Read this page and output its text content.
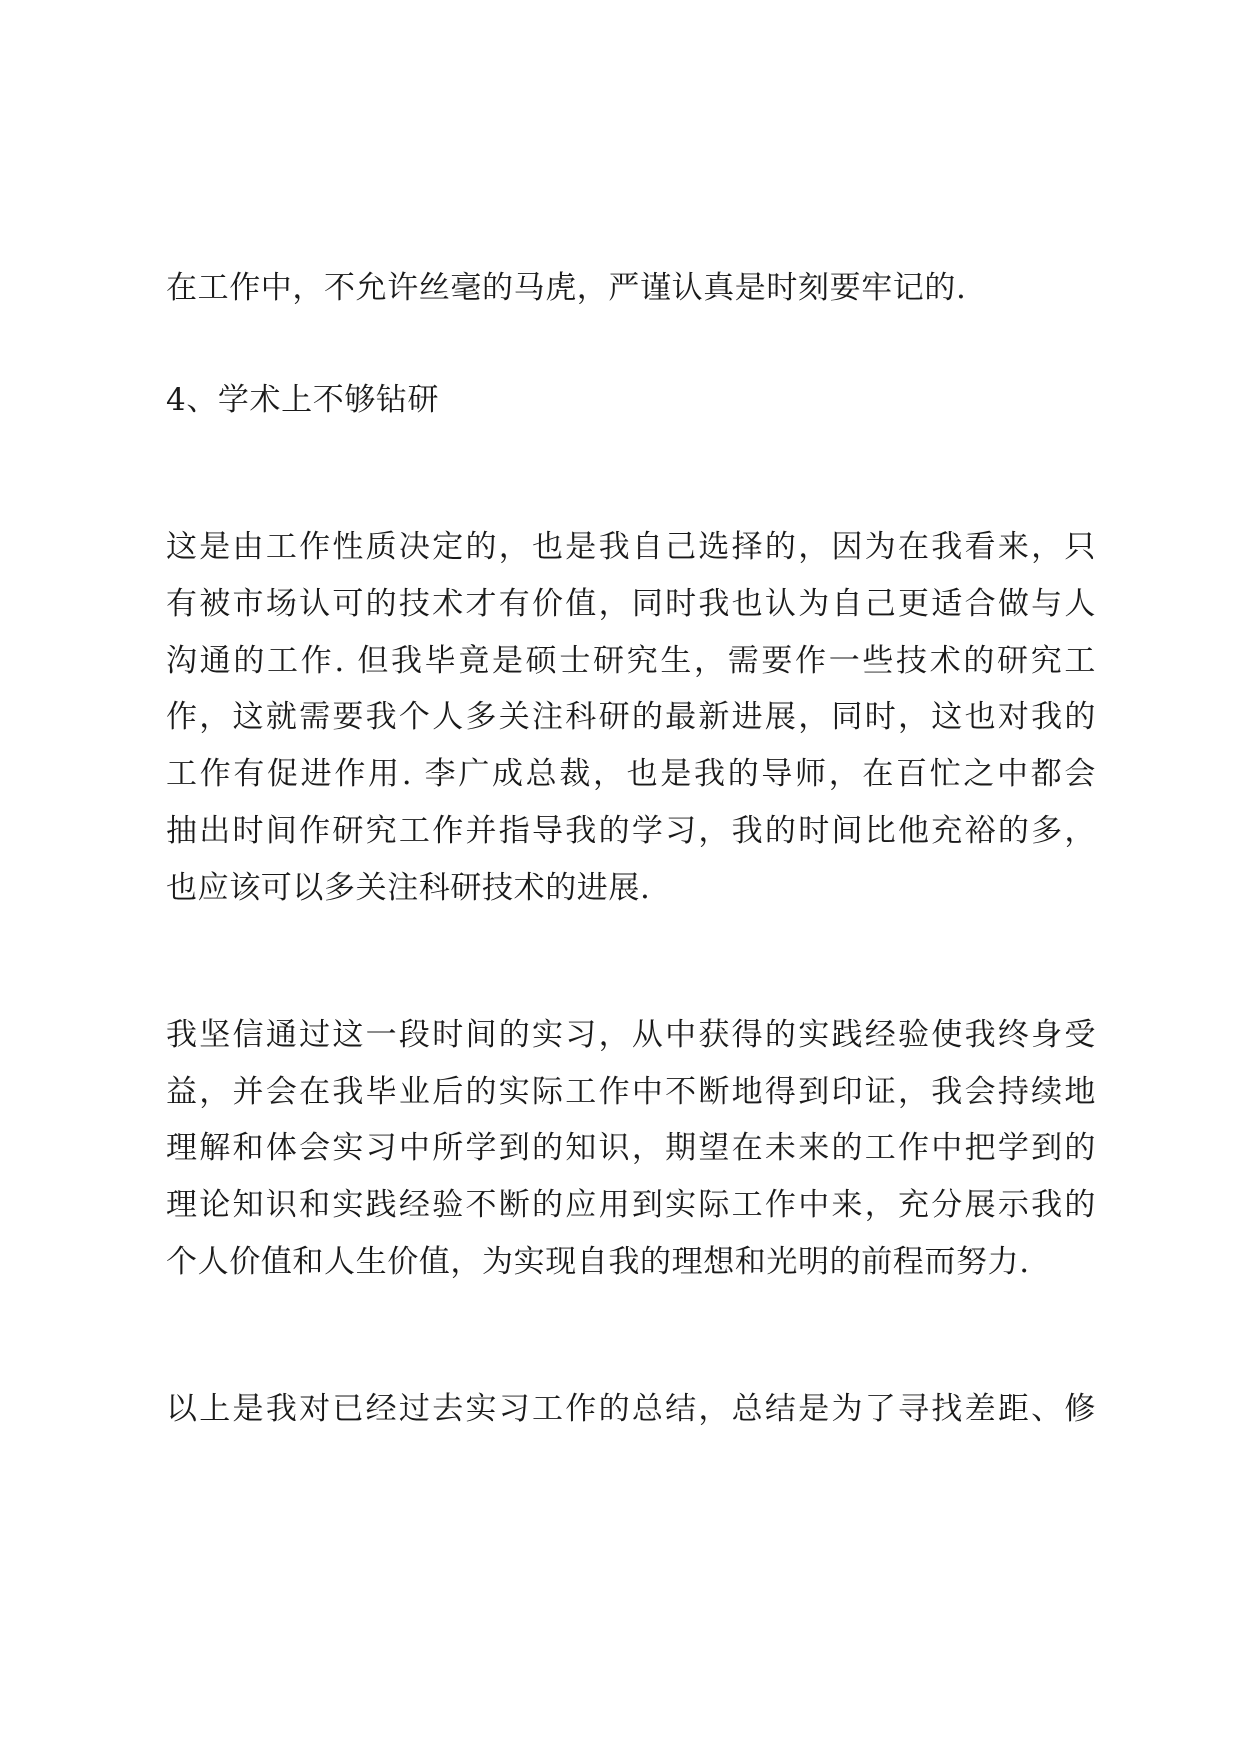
在工作中，不允许丝毫的马虎，严谨认真是时刻要牢记的.
4、学术上不够钻研
这是由工作性质决定的，也是我自己选择的，因为在我看来，只
有被市场认可的技术才有价值，同时我也认为自己更适合做与人
沟通的工作. 但我毕竟是硕士研究生，需要作一些技术的研究工
作，这就需要我个人多关注科研的最新进展，同时，这也对我的
工作有促进作用. 李广成总裁，也是我的导师，在百忙之中都会
抽出时间作研究工作并指导我的学习，我的时间比他充裕的多，
也应该可以多关注科研技术的进展.
我坚信通过这一段时间的实习，从中获得的实践经验使我终身受
益，并会在我毕业后的实际工作中不断地得到印证，我会持续地
理解和体会实习中所学到的知识，期望在未来的工作中把学到的
理论知识和实践经验不断的应用到实际工作中来，充分展示我的
个人价值和人生价值，为实现自我的理想和光明的前程而努力.
以上是我对已经过去实习工作的总结，总结是为了寻找差距、修
